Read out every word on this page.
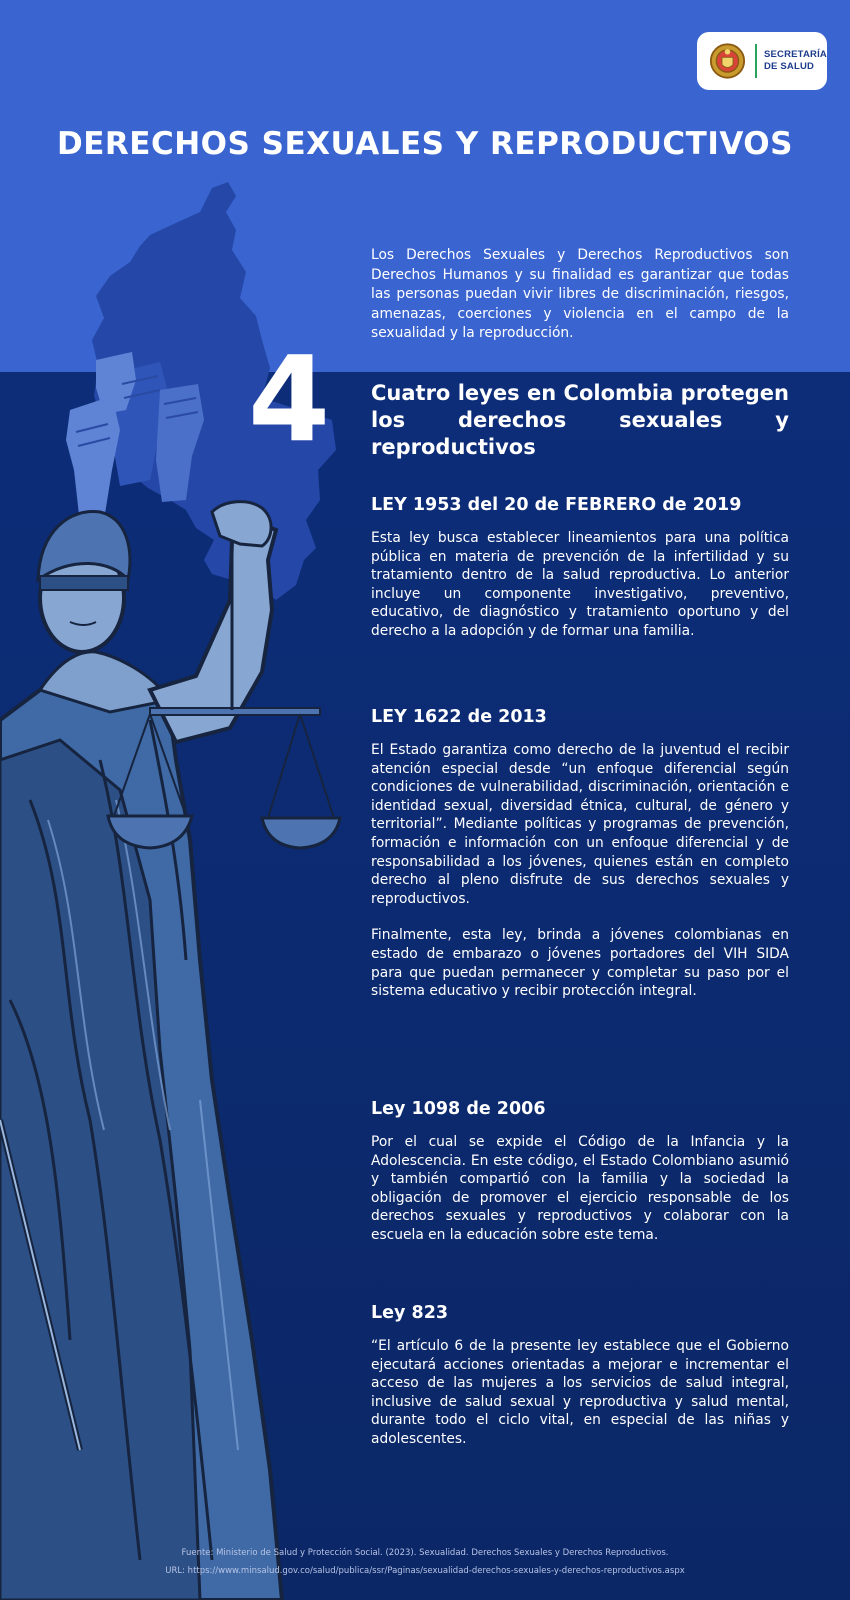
SECRETARÍA
DE SALUD
DERECHOS SEXUALES Y REPRODUCTIVOS

Los Derechos Sexuales y Derechos Reproductivos son Derechos Humanos y su finalidad es garantizar que todas las personas puedan vivir libres de discriminación, riesgos, amenazas, coerciones y violencia en el campo de la sexualidad y la reproducción.

4 Cuatro leyes en Colombia protegen los derechos sexuales y reproductivos
LEY 1953 del 20 de FEBRERO de 2019

Esta ley busca establecer lineamientos para una política pública en materia de prevención de la infertilidad y su tratamiento dentro de la salud reproductiva. Lo anterior incluye un componente investigativo, preventivo, educativo, de diagnóstico y tratamiento oportuno y del derecho a la adopción y de formar una familia.

LEY 1622 de 2013

El Estado garantiza como derecho de la juventud el recibir atención especial desde “un enfoque diferencial según condiciones de vulnerabilidad, discriminación, orientación e identidad sexual, diversidad étnica, cultural, de género y territorial”. Mediante políticas y programas de prevención, formación e información con un enfoque diferencial y de responsabilidad a los jóvenes, quienes están en completo derecho al pleno disfrute de sus derechos sexuales y reproductivos.

Finalmente, esta ley, brinda a jóvenes colombianas en estado de embarazo o jóvenes portadores del VIH SIDA para que puedan permanecer y completar su paso por el sistema educativo y recibir protección integral.

Ley 1098 de 2006

Por el cual se expide el Código de la Infancia y la Adolescencia. En este código, el Estado Colombiano asumió y también compartió con la familia y la sociedad la obligación de promover el ejercicio responsable de los derechos sexuales y reproductivos y colaborar con la escuela en la educación sobre este tema.

Ley 823

“El artículo 6 de la presente ley establece que el Gobierno ejecutará acciones orientadas a mejorar e incrementar el acceso de las mujeres a los servicios de salud integral, inclusive de salud sexual y reproductiva y salud mental, durante todo el ciclo vital, en especial de las niñas y adolescentes.

Fuente: Ministerio de Salud y Protección Social. (2023). Sexualidad. Derechos Sexuales y Derechos Reproductivos.

URL: https://www.minsalud.gov.co/salud/publica/ssr/Paginas/sexualidad-derechos-sexuales-y-derechos-reproductivos.aspx
